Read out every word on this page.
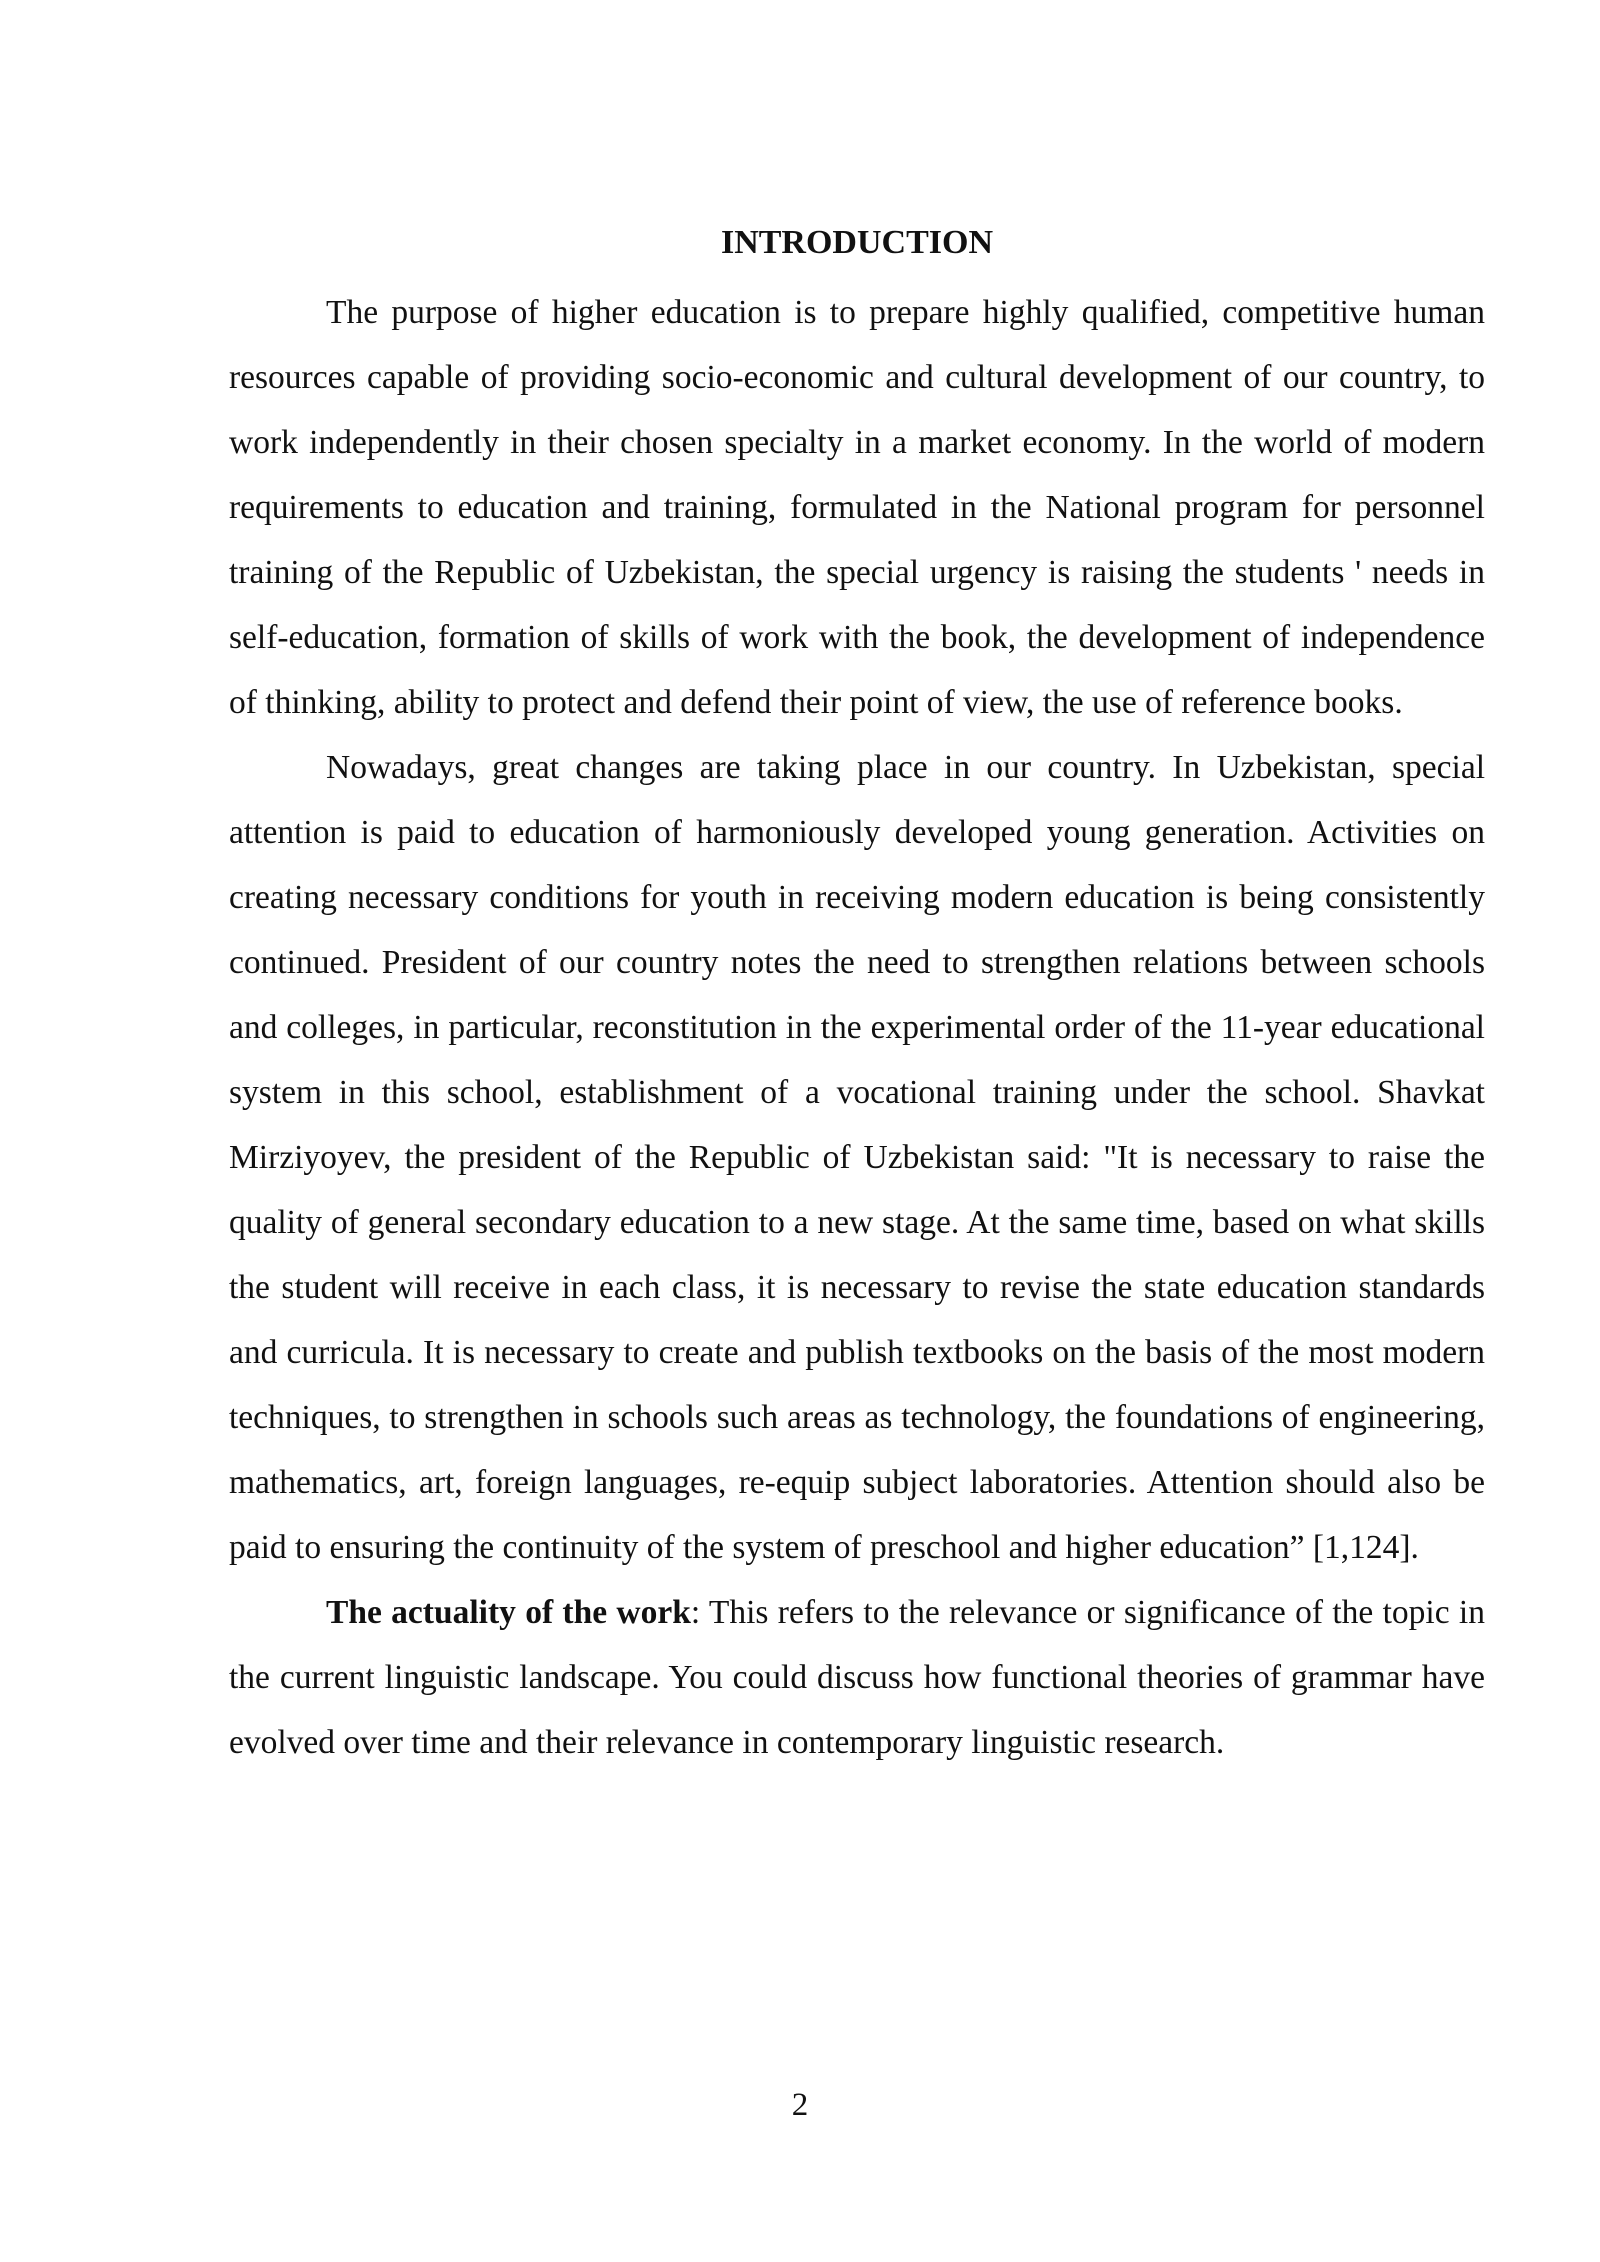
INTRODUCTION

The purpose of higher education is to prepare highly qualified, competitive human resources capable of providing socio-economic and cultural development of our country, to work independently in their chosen specialty in a market economy. In the world of modern requirements to education and training, formulated in the National program for personnel training of the Republic of Uzbekistan, the special urgency is raising the students ' needs in self-education, formation of skills of work with the book, the development of independence of thinking, ability to protect and defend their point of view, the use of reference books.

Nowadays, great changes are taking place in our country. In Uzbekistan, special attention is paid to education of harmoniously developed young generation. Activities on creating necessary conditions for youth in receiving modern education is being consistently continued. President of our country notes the need to strengthen relations between schools and colleges, in particular, reconstitution in the experimental order of the 11-year educational system in this school, establishment of a vocational training under the school. Shavkat Mirziyoyev, the president of the Republic of Uzbekistan said: "It is necessary to raise the quality of general secondary education to a new stage. At the same time, based on what skills the student will receive in each class, it is necessary to revise the state education standards and curricula. It is necessary to create and publish textbooks on the basis of the most modern techniques, to strengthen in schools such areas as technology, the foundations of engineering, mathematics, art, foreign languages, re-equip subject laboratories. Attention should also be paid to ensuring the continuity of the system of preschool and higher education” [1,124].

The actuality of the work: This refers to the relevance or significance of the topic in the current linguistic landscape. You could discuss how functional theories of grammar have evolved over time and their relevance in contemporary linguistic research.

2
